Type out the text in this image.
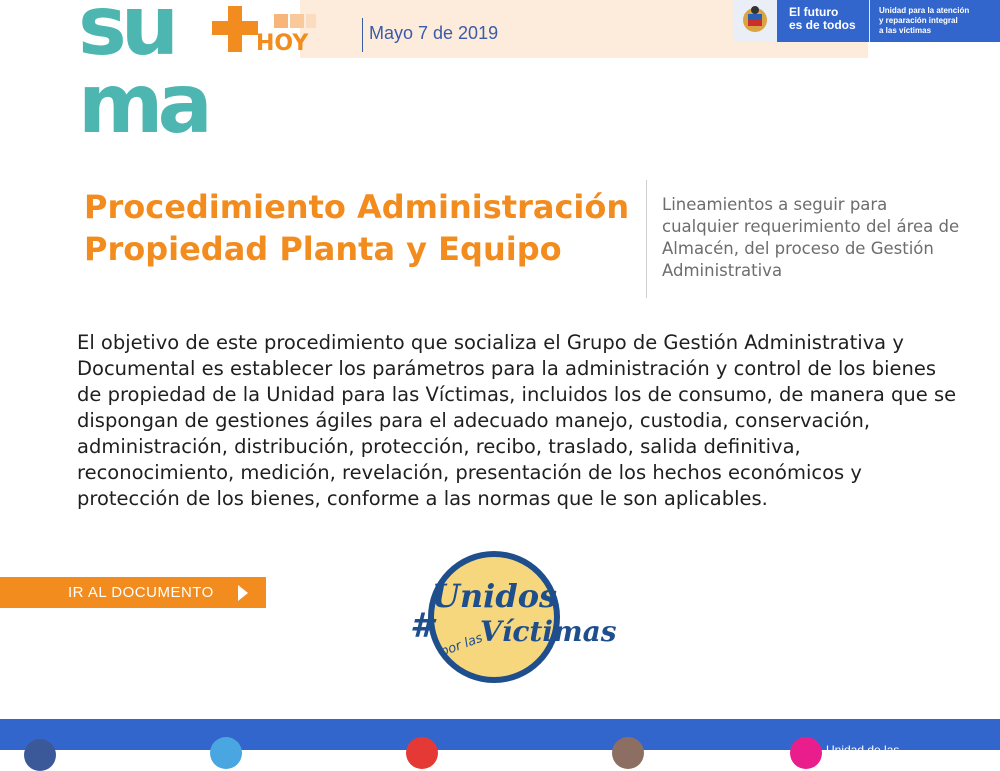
su
ma
HOY	Mayo 7 de 2019
El futuro
es de todos
Unidad para la atención
y reparación integral
a las víctimas
Procedimiento Administración
Propiedad Planta y Equipo
Lineamientos a seguir para cualquier requerimiento del área de Almacén, del proceso de Gestión Administrativa
El objetivo de este procedimiento que socializa el Grupo de Gestión Administrativa y Documental es establecer los parámetros para la administración y control de los bienes de propiedad de la Unidad para las Víctimas, incluidos los de consumo, de manera que se dispongan de gestiones ágiles para el adecuado manejo, custodia, conservación, administración, distribución, protección, recibo, traslado, salida definitiva, reconocimiento, medición, revelación, presentación de los hechos económicos y protección de los bienes, conforme a las normas que le son aplicables.
IR AL DOCUMENTO
#
Unidos
por las
Víctimas
Unidad de las
